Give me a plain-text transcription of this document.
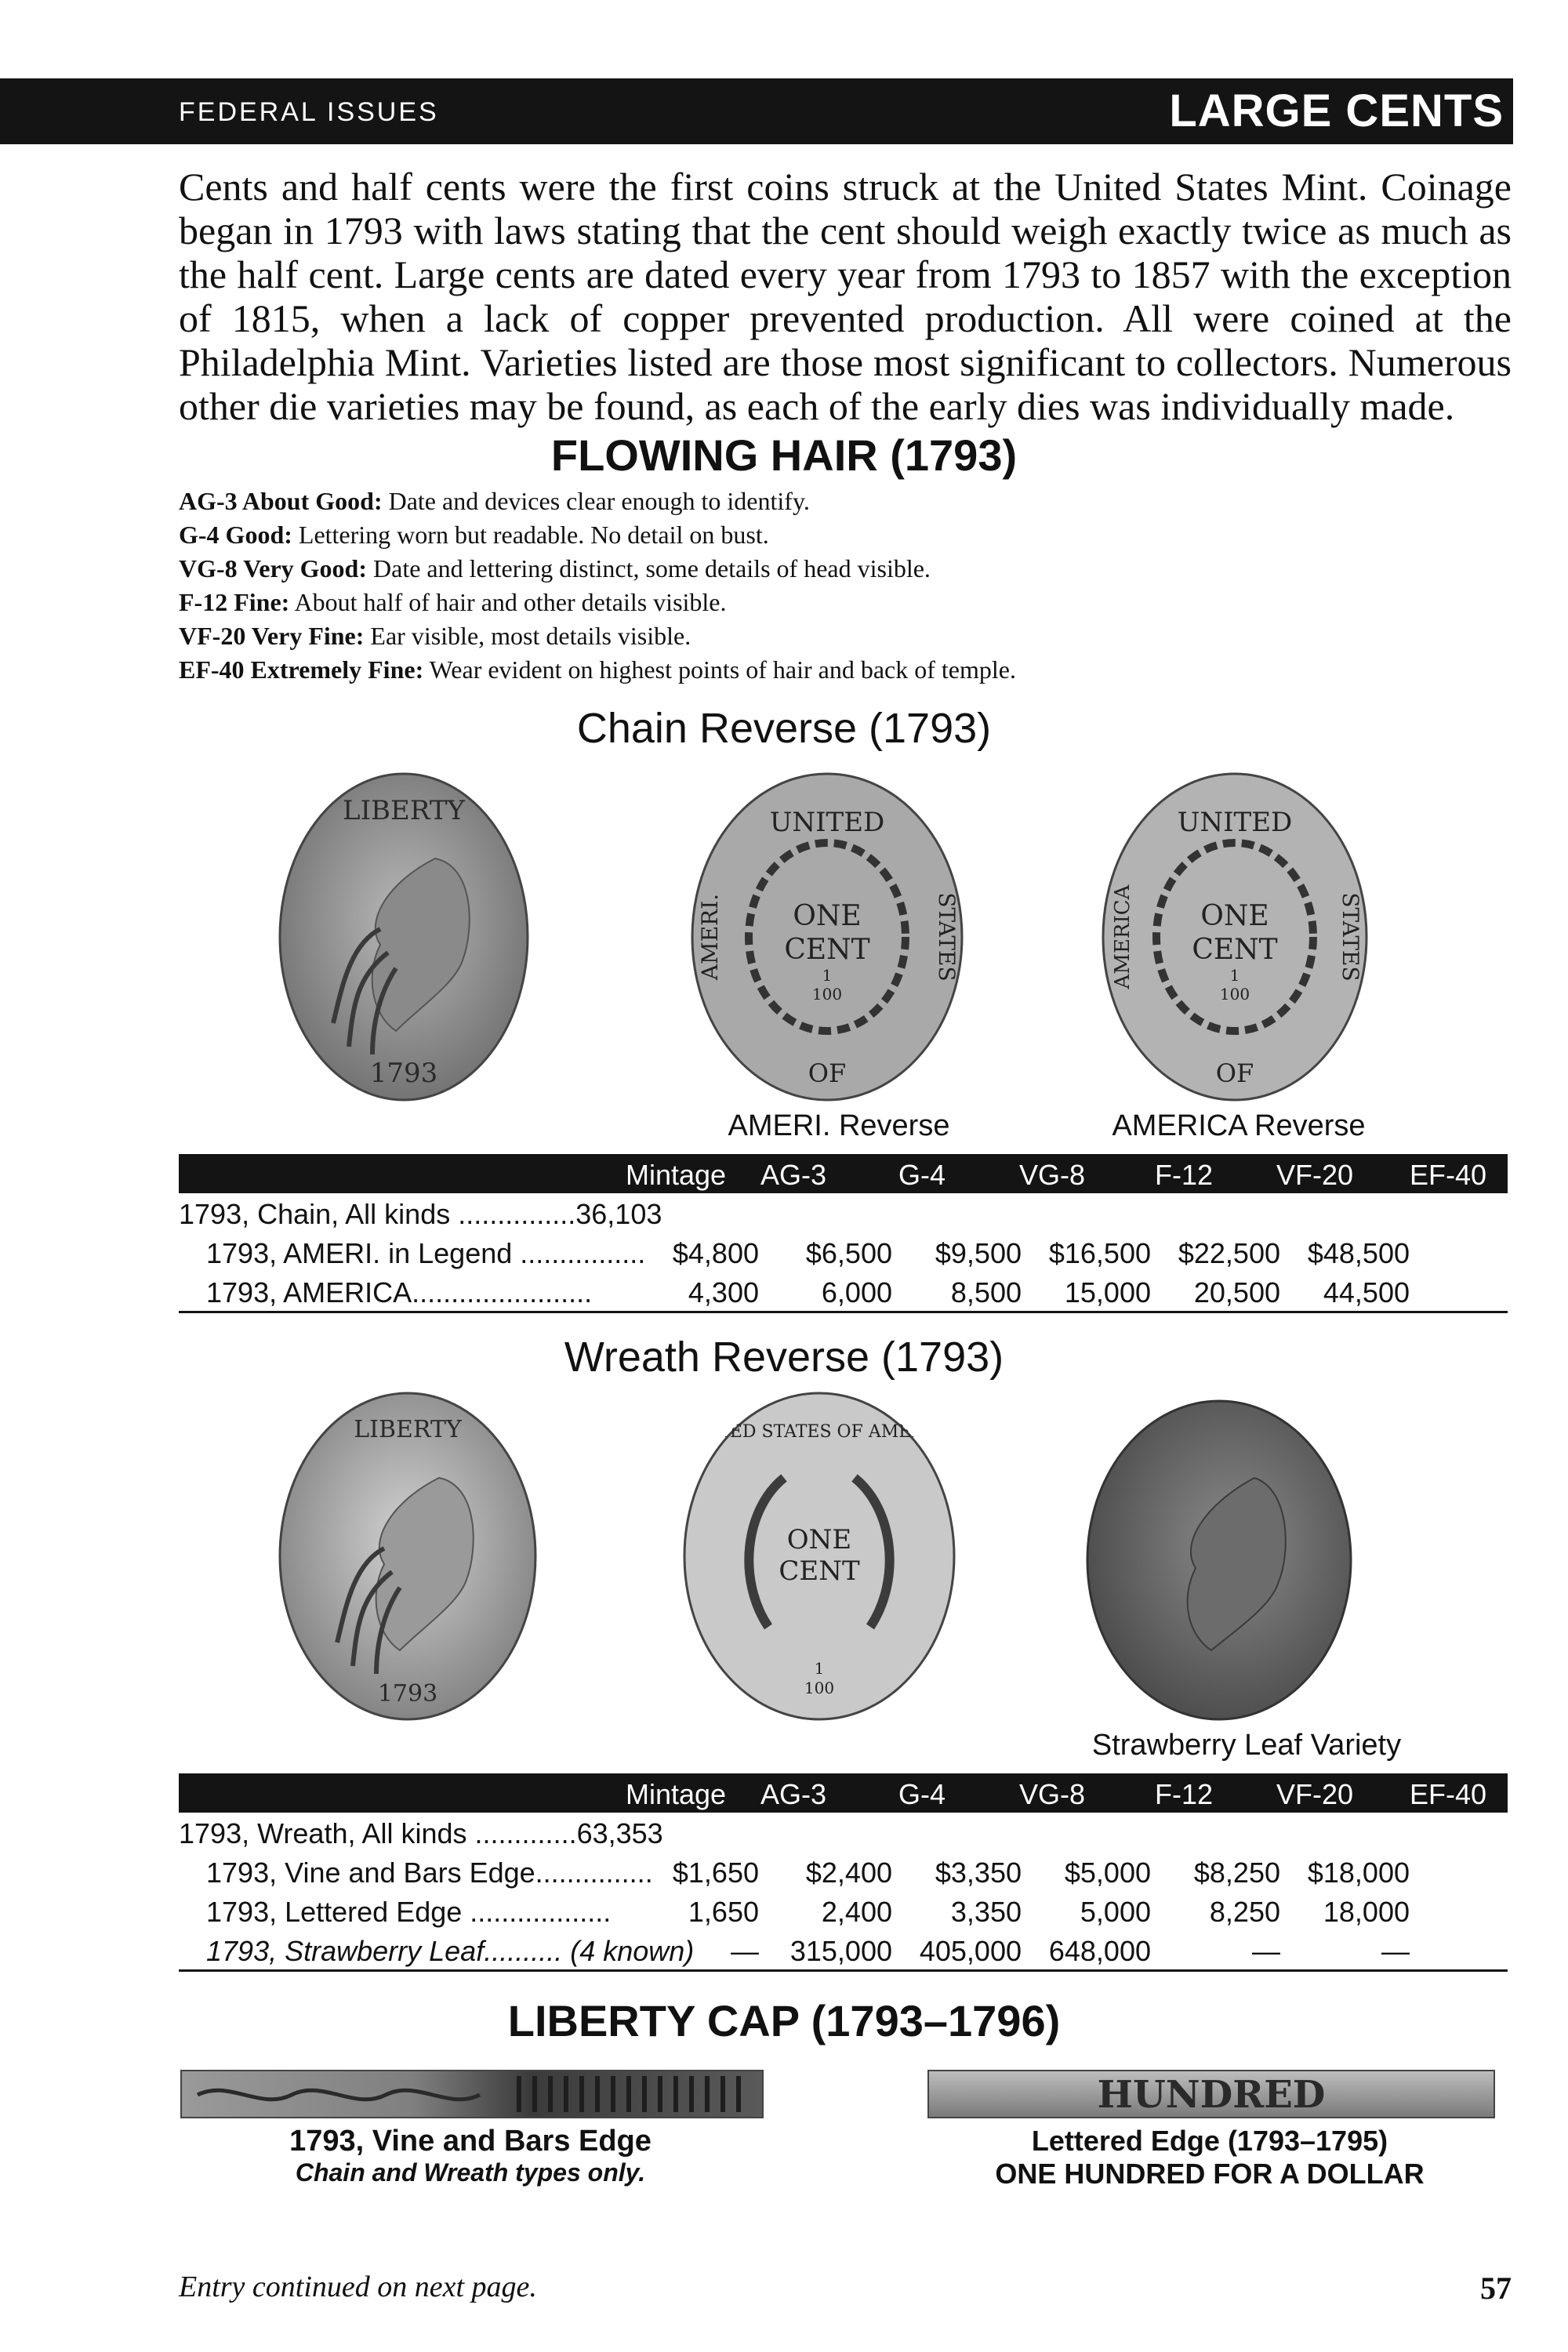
FEDERAL ISSUES	LARGE CENTS

Cents and half cents were the first coins struck at the United States Mint. Coinage began in 1793 with laws stating that the cent should weigh exactly twice as much as the half cent. Large cents are dated every year from 1793 to 1857 with the exception of 1815, when a lack of copper prevented production. All were coined at the Philadelphia Mint. Varieties listed are those most significant to collectors. Numerous other die varieties may be found, as each of the early dies was individually made.

FLOWING HAIR (1793)
AG-3 About Good: Date and devices clear enough to identify.
G-4 Good: Lettering worn but readable. No detail on bust.
VG-8 Very Good: Date and lettering distinct, some details of head visible.
F-12 Fine: About half of hair and other details visible.
VF-20 Very Fine: Ear visible, most details visible.
EF-40 Extremely Fine: Wear evident on highest points of hair and back of temple.
Chain Reverse (1793)
LIBERTY
1793
UNITED
OF
AMERI.	STATES
ONE
CENT
1
100
UNITED
OF
AMERICA	STATES
ONE
CENT
1
100
AMERI. Reverse	AMERICA Reverse
Mintage AG-3	G-4	VG-8 F-12 VF-20 EF-40
1793, Chain, All kinds ...............36,103
1793, AMERI. in Legend ................ $4,800	$6,500	$9,500 $16,500 $22,500 $48,500
1793, AMERICA.......................	4,300	6,000	8,500	15,000	20,500	44,500
Wreath Reverse (1793)
LIBERTY
1793
UNITED STATES OF AMERICA
ONE
CENT
1
100
Strawberry Leaf Variety
Mintage AG-3	G-4	VG-8 F-12 VF-20 EF-40
1793, Wreath, All kinds .............63,353
1793, Vine and Bars Edge............... $1,650	$2,400	$3,350	$5,000	$8,250 $18,000
1793, Lettered Edge ..................	1,650	2,400	3,350	5,000	8,250	18,000
1793, Strawberry Leaf.......... (4 known)	— 315,000 405,000 648,000	—	—
LIBERTY CAP (1793–1796)
HUNDRED
1793, Vine and Bars Edge
Chain and Wreath types only.
Lettered Edge (1793–1795)
ONE HUNDRED FOR A DOLLAR
Entry continued on next page.	57
